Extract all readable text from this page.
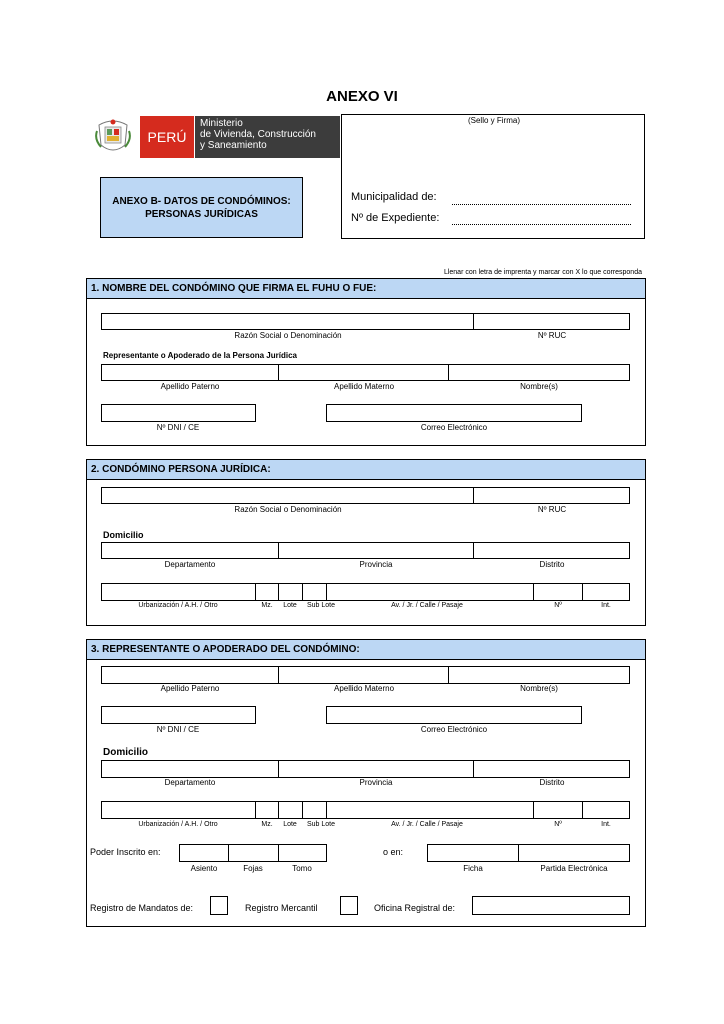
ANEXO VI
PERÚ
Ministerio
de Vivienda, Construcción
y Saneamiento
ANEXO B- DATOS DE CONDÓMINOS:
PERSONAS JURÍDICAS
(Sello y Firma)
Municipalidad de:
Nº de Expediente:
Llenar con letra de imprenta y marcar con X lo que corresponda
1. NOMBRE DEL CONDÓMINO QUE FIRMA EL FUHU O FUE:
Razón Social o Denominación	Nº RUC
Representante o Apoderado de la Persona Jurídica
Apellido Paterno	Apellido Materno	Nombre(s)
Nº DNI / CE	Correo Electrónico
2. CONDÓMINO PERSONA JURÍDICA:
Razón Social o Denominación	Nº RUC
Domicilio
Departamento	Provincia	Distrito
Urbanización / A.H. / Otro	Mz. Lote Sub Lote	Av. / Jr. / Calle / Pasaje	Nº	Int.
3. REPRESENTANTE O APODERADO DEL CONDÓMINO:
Apellido Paterno	Apellido Materno	Nombre(s)
Nº DNI / CE	Correo Electrónico
Domicilio
Departamento	Provincia	Distrito
Urbanización / A.H. / Otro	Mz. Lote Sub Lote	Av. / Jr. / Calle / Pasaje	Nº	Int.
Poder Inscrito en:
Asiento	Fojas	Tomo
o en:
Ficha	Partida Electrónica
Registro de Mandatos de:	Registro Mercantil	Oficina Registral de:
